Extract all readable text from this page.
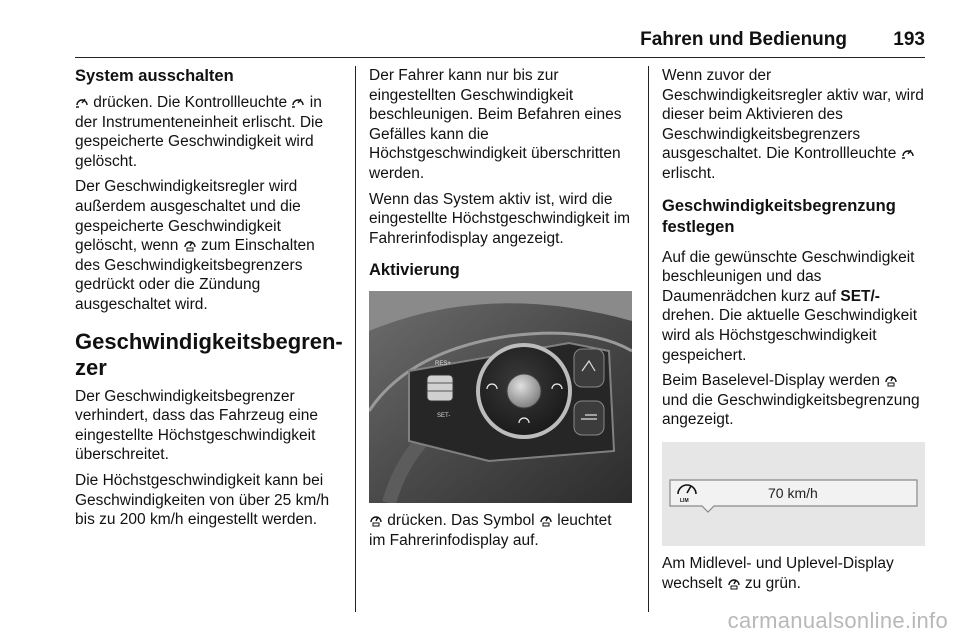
Fahren und Bedienung 193
System ausschalten

drücken. Die Kontrollleuchte
in der Instrumenteneinheit erlischt. Die gespeicherte Geschwindigkeit wird gelöscht.

Der Geschwindigkeitsregler wird außerdem ausgeschaltet und die gespeicherte Geschwindigkeit gelöscht, wenn
zum Einschalten des Geschwindigkeitsbegrenzers gedrückt oder die Zündung ausgeschaltet wird.

Geschwindigkeitsbegrenzer

Der Geschwindigkeitsbegrenzer verhindert, dass das Fahrzeug eine eingestellte Höchstgeschwindigkeit überschreitet.

Die Höchstgeschwindigkeit kann bei Geschwindigkeiten von über 25 km/h bis zu 200 km/h eingestellt werden.

Der Fahrer kann nur bis zur eingestellten Geschwindigkeit beschleunigen. Beim Befahren eines Gefälles kann die Höchstgeschwindigkeit überschritten werden.

Wenn das System aktiv ist, wird die eingestellte Höchstgeschwindigkeit im Fahrerinfodisplay angezeigt.

Aktivierung
RES+
SET-

drücken. Das Symbol
leuchtet im Fahrerinfodisplay auf.

Wenn zuvor der Geschwindigkeitsregler aktiv war, wird dieser beim Aktivieren des Geschwindigkeitsbegrenzers ausgeschaltet. Die Kontrollleuchte
erlischt.

Geschwindigkeitsbegrenzung festlegen

Auf die gewünschte Geschwindigkeit beschleunigen und das Daumenrädchen kurz auf SET/- drehen. Die aktuelle Geschwindigkeit wird als Höchstgeschwindigkeit gespeichert.

Beim Baselevel-Display werden
und die Geschwindigkeitsbegrenzung angezeigt.

LIM	70 km/h

Am Midlevel- und Uplevel-Display wechselt
zu grün.

carmanualsonline.info
